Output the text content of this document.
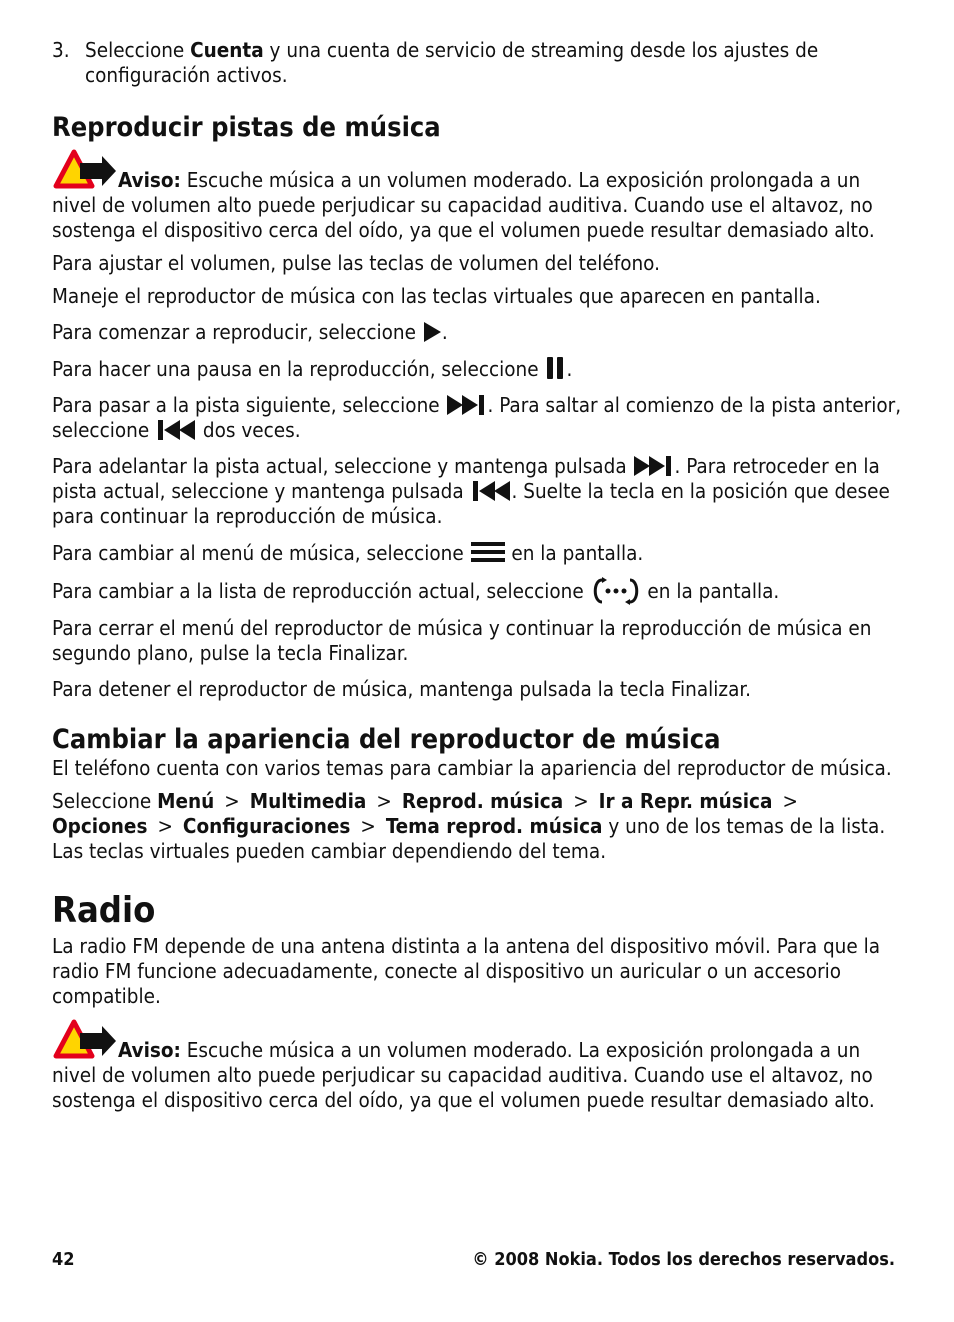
3. Seleccione Cuenta y una cuenta de servicio de streaming desde los ajustes de configuración activos.
Reproducir pistas de música

Aviso: Escuche música a un volumen moderado. La exposición prolongada a un nivel de volumen alto puede perjudicar su capacidad auditiva. Cuando use el altavoz, no sostenga el dispositivo cerca del oído, ya que el volumen puede resultar demasiado alto.

Para ajustar el volumen, pulse las teclas de volumen del teléfono.

Maneje el reproductor de música con las teclas virtuales que aparecen en pantalla.

Para comenzar a reproducir, seleccione .

Para hacer una pausa en la reproducción, seleccione .

Para pasar a la pista siguiente, seleccione . Para saltar al comienzo de la pista anterior, seleccione  dos veces.

Para adelantar la pista actual, seleccione y mantenga pulsada . Para retroceder en la pista actual, seleccione y mantenga pulsada . Suelte la tecla en la posición que desee para continuar la reproducción de música.

Para cambiar al menú de música, seleccione  en la pantalla.

Para cambiar a la lista de reproducción actual, seleccione	en la pantalla.

Para cerrar el menú del reproductor de música y continuar la reproducción de música en segundo plano, pulse la tecla Finalizar.

Para detener el reproductor de música, mantenga pulsada la tecla Finalizar.

Cambiar la apariencia del reproductor de música

El teléfono cuenta con varios temas para cambiar la apariencia del reproductor de música.

Seleccione Menú > Multimedia > Reprod. música > Ir a Repr. música >
Opciones > Configuraciones > Tema reprod. música y uno de los temas de la lista. Las teclas virtuales pueden cambiar dependiendo del tema.

Radio

La radio FM depende de una antena distinta a la antena del dispositivo móvil. Para que la radio FM funcione adecuadamente, conecte al dispositivo un auricular o un accesorio compatible.

Aviso: Escuche música a un volumen moderado. La exposición prolongada a un nivel de volumen alto puede perjudicar su capacidad auditiva. Cuando use el altavoz, no sostenga el dispositivo cerca del oído, ya que el volumen puede resultar demasiado alto.

42	© 2008 Nokia. Todos los derechos reservados.
